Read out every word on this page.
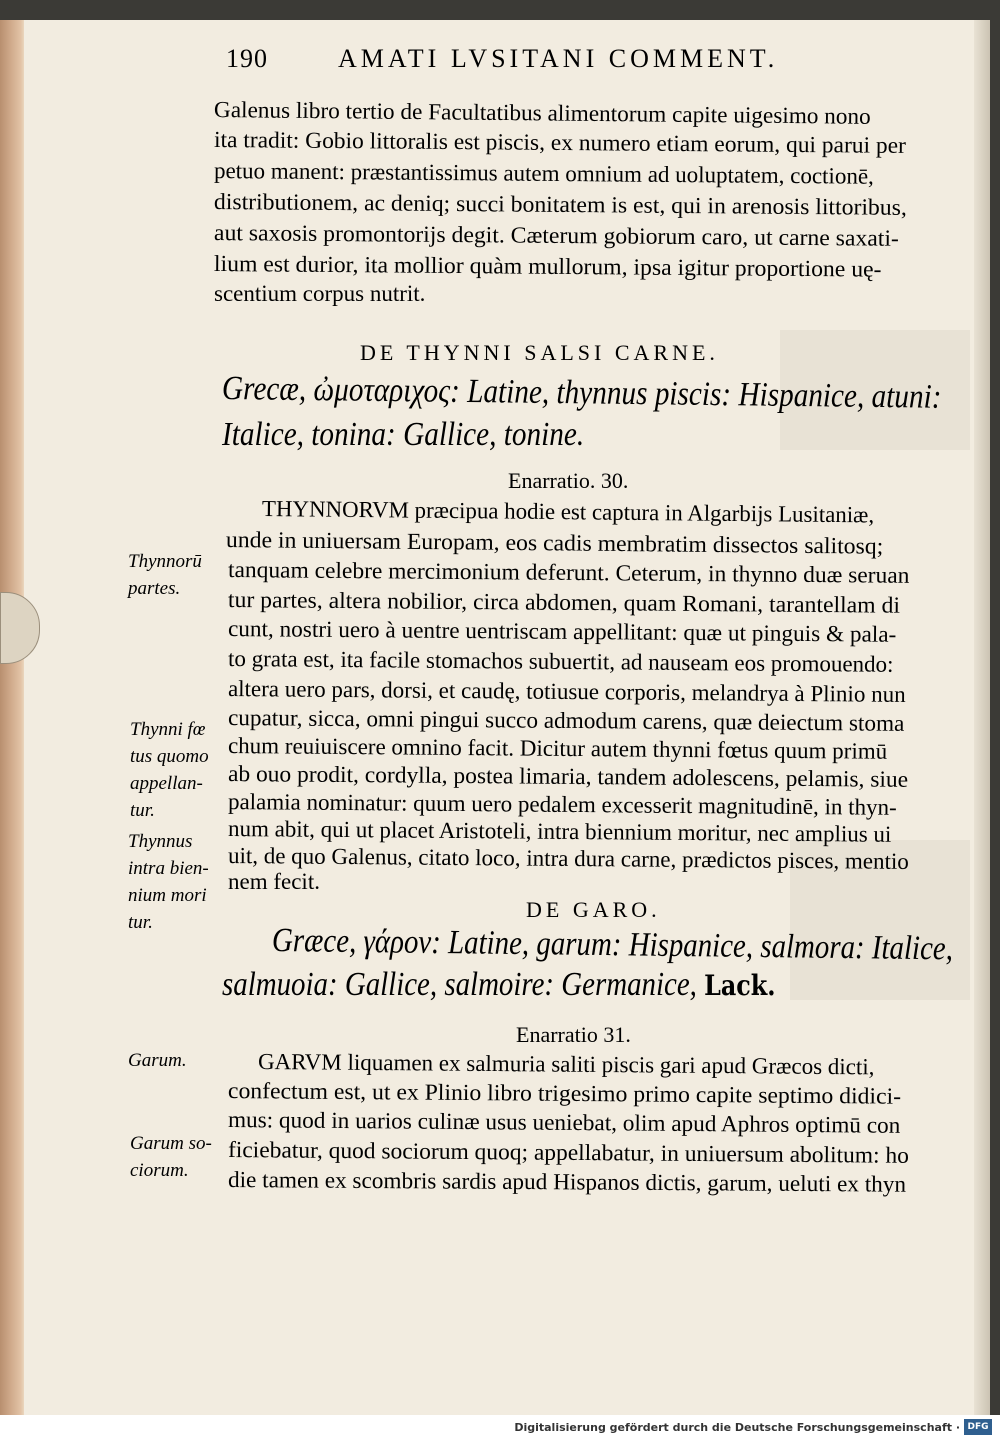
190	AMATI LVSITANI COMMENT.
Galenus libro tertio de Facultatibus alimentorum capite uigesimo nono
ita tradit: Gobio littoralis est piscis, ex numero etiam eorum, qui parui per
petuo manent: præstantissimus autem omnium ad uoluptatem, coctionē,
distributionem, ac deniq; succi bonitatem is est, qui in arenosis littoribus,
aut saxosis promontorijs degit. Cæterum gobiorum caro, ut carne saxati-
lium est durior, ita mollior quàm mullorum, ipsa igitur proportione uę-
scentium corpus nutrit.
DE THYNNI SALSI CARNE.
Grecæ, ὠμοταριχος: Latine, thynnus piscis: Hispanice, atuni:
Italice, tonina: Gallice, tonine.
Enarratio. 30.
THYNNORVM præcipua hodie est captura in Algarbijs Lusitaniæ,
unde in uniuersam Europam, eos cadis membratim dissectos salitosq;
tanquam celebre mercimonium deferunt. Ceterum, in thynno duæ seruan
tur partes, altera nobilior, circa abdomen, quam Romani, tarantellam di
cunt, nostri uero à uentre uentriscam appellitant: quæ ut pinguis & pala-
to grata est, ita facile stomachos subuertit, ad nauseam eos promouendo:
altera uero pars, dorsi, et caudę, totiusue corporis, melandrya à Plinio nun
cupatur, sicca, omni pingui succo admodum carens, quæ deiectum stoma
chum reuiuiscere omnino facit. Dicitur autem thynni fœtus quum primū
ab ouo prodit, cordylla, postea limaria, tandem adolescens, pelamis, siue
palamia nominatur: quum uero pedalem excesserit magnitudinē, in thyn-
num abit, qui ut placet Aristoteli, intra biennium moritur, nec amplius ui
uit, de quo Galenus, citato loco, intra dura carne, prædictos pisces, mentio
nem fecit.
Thynnorū
partes.
Thynni fœ
tus quomo
appellan-
tur.
Thynnus
intra bien-
nium mori
tur.
DE GARO.
Græce, γάρον: Latine, garum: Hispanice, salmora: Italice,
salmuoia: Gallice, salmoire: Germanice, Lack.
Enarratio 31.
GARVM liquamen ex salmuria saliti piscis gari apud Græcos dicti,
confectum est, ut ex Plinio libro trigesimo primo capite septimo didici-
mus: quod in uarios culinæ usus ueniebat, olim apud Aphros optimū con
ficiebatur, quod sociorum quoq; appellabatur, in uniuersum abolitum: ho
die tamen ex scombris sardis apud Hispanos dictis, garum, ueluti ex thyn
Garum.
Garum so-
ciorum.
Digitalisierung gefördert durch die Deutsche Forschungsgemeinschaft · DFG
